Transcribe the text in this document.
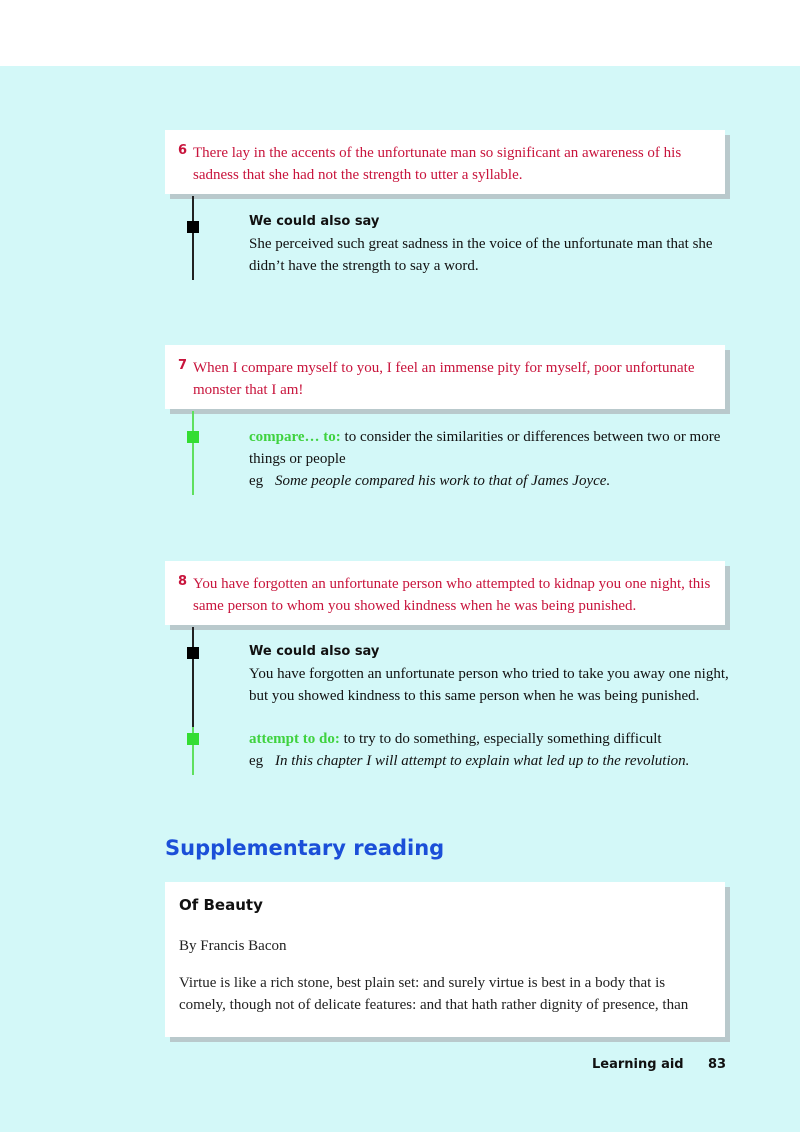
6 There lay in the accents of the unfortunate man so significant an awareness of his sadness that she had not the strength to utter a syllable.
We could also say
She perceived such great sadness in the voice of the unfortunate man that she didn’t have the strength to say a word.
7 When I compare myself to you, I feel an immense pity for myself, poor unfortunate monster that I am!
compare… to: to consider the similarities or differences between two or more things or people
eg Some people compared his work to that of James Joyce.
8 You have forgotten an unfortunate person who attempted to kidnap you one night, this same person to whom you showed kindness when he was being punished.
We could also say
You have forgotten an unfortunate person who tried to take you away one night, but you showed kindness to this same person when he was being punished.
attempt to do: to try to do something, especially something difficult
eg In this chapter I will attempt to explain what led up to the revolution.
Supplementary reading
Of Beauty
By Francis Bacon
Virtue is like a rich stone, best plain set: and surely virtue is best in a body that is comely, though not of delicate features: and that hath rather dignity of presence, than
Learning aid 83
